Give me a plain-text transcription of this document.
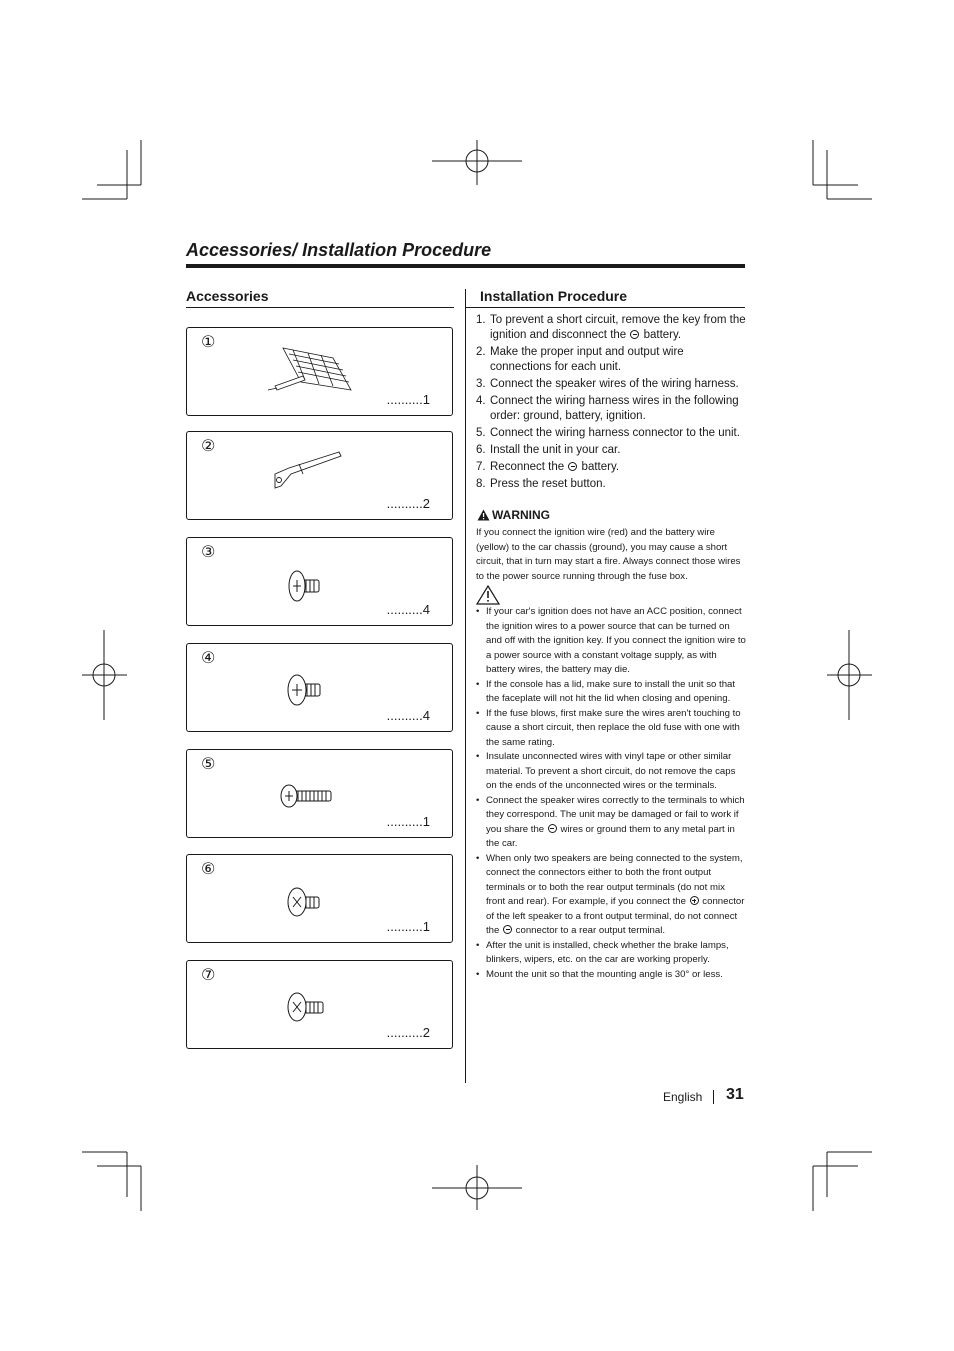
Accessories/ Installation Procedure
Accessories
①
..........1
②
..........2
③
..........4
④
..........4
⑤
..........1
⑥
..........1
⑦
..........2
Installation Procedure
1. To prevent a short circuit, remove the key from the ignition and disconnect the  battery.
2. Make the proper input and output wire connections for each unit.
3. Connect the speaker wires of the wiring harness.
4. Connect the wiring harness wires in the following order: ground, battery, ignition.
5. Connect the wiring harness connector to the unit.
6. Install the unit in your car.
7. Reconnect the  battery.
8. Press the reset button.
WARNING
If you connect the ignition wire (red) and the battery wire (yellow) to the car chassis (ground), you may cause a short circuit, that in turn may start a fire. Always connect those wires to the power source running through the fuse box.
• If your car's ignition does not have an ACC position, connect the ignition wires to a power source that can be turned on and off with the ignition key. If you connect the ignition wire to a power source with a constant voltage supply, as with battery wires, the battery may die.
• If the console has a lid, make sure to install the unit so that the faceplate will not hit the lid when closing and opening.
• If the fuse blows, first make sure the wires aren't touching to cause a short circuit, then replace the old fuse with one with the same rating.
• Insulate unconnected wires with vinyl tape or other similar material. To prevent a short circuit, do not remove the caps on the ends of the unconnected wires or the terminals.
• Connect the speaker wires correctly to the terminals to which they correspond. The unit may be damaged or fail to work if you share the  wires or ground them to any metal part in the car.
• When only two speakers are being connected to the system, connect the connectors either to both the front output terminals or to both the rear output terminals (do not mix front and rear). For example, if you connect the  connector of the left speaker to a front output terminal, do not connect the  connector to a rear output terminal.
• After the unit is installed, check whether the brake lamps, blinkers, wipers, etc. on the car are working properly.
• Mount the unit so that the mounting angle is 30° or less.
English 31
